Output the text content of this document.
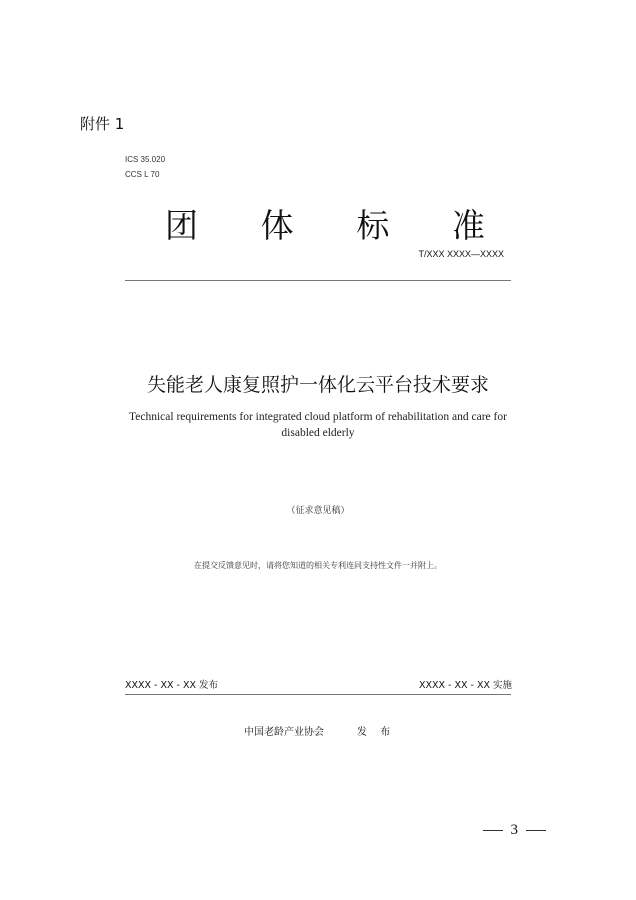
附件 1
ICS 35.020
CCS L 70
团 体 标 准
T/XXX XXXX—XXXX
失能老人康复照护一体化云平台技术要求
Technical requirements for integrated cloud platform of rehabilitation and care for disabled elderly
（征求意见稿）
在提交反馈意见时，请将您知道的相关专利连同支持性文件一并附上。
XXXX - XX - XX 发布	XXXX - XX - XX 实施
中国老龄产业协会	发 布
3
